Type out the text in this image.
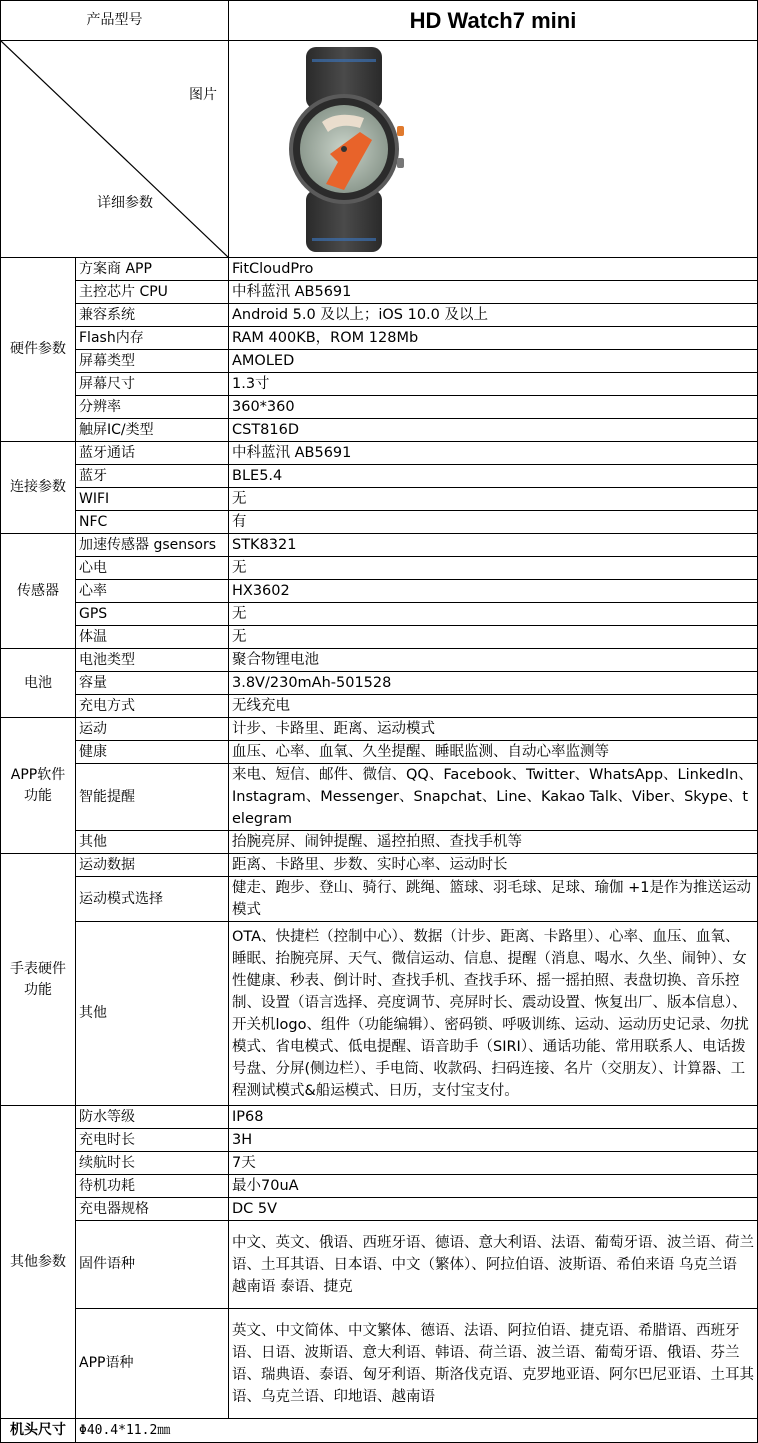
产品型号		HD Watch7 mini

图片
详细参数

硬件参数	方案商 APP	FitCloudPro
	主控芯片 CPU	中科蓝汛 AB5691
	兼容系统	Android 5.0 及以上；iOS 10.0 及以上
	Flash内存	RAM 400KB，ROM 128Mb
	屏幕类型	AMOLED
	屏幕尺寸	1.3寸
	分辨率	360*360
	触屏IC/类型	CST816D
连接参数	蓝牙通话	中科蓝汛 AB5691
	蓝牙	BLE5.4
	WIFI	无
	NFC	有
传感器	加速传感器 gsensors	STK8321
	心电	无
	心率	HX3602
	GPS	无
	体温	无
电池	电池类型	聚合物锂电池
	容量	3.8V/230mAh-501528
	充电方式	无线充电
APP软件功能	运动	计步、卡路里、距离、运动模式
	健康	血压、心率、血氧、久坐提醒、睡眠监测、自动心率监测等
	智能提醒	来电、短信、邮件、微信、QQ、Facebook、Twitter、WhatsApp、LinkedIn、Instagram、Messenger、Snapchat、Line、Kakao Talk、Viber、Skype、telegram
	其他	抬腕亮屏、闹钟提醒、遥控拍照、查找手机等
手表硬件功能	运动数据	距离、卡路里、步数、实时心率、运动时长
	运动模式选择	健走、跑步、登山、骑行、跳绳、篮球、羽毛球、足球、瑜伽 +1是作为推送运动模式
	其他	OTA、快捷栏（控制中心）、数据（计步、距离、卡路里）、心率、血压、血氧、睡眠、抬腕亮屏、天气、微信运动、信息、提醒（消息、喝水、久坐、闹钟）、女性健康、秒表、倒计时、查找手机、查找手环、摇一摇拍照、表盘切换、音乐控制、设置（语言选择、亮度调节、亮屏时长、震动设置、恢复出厂、版本信息）、开关机logo、组件（功能编辑）、密码锁、呼吸训练、运动、运动历史记录、勿扰模式、省电模式、低电提醒、语音助手（SIRI）、通话功能、常用联系人、电话拨号盘、分屏(侧边栏）、手电筒、收款码、扫码连接、名片（交朋友）、计算器、工程测试模式&船运模式、日历，支付宝支付。
其他参数	防水等级	IP68
	充电时长	3H
	续航时长	7天
	待机功耗	最小70uA
	充电器规格	DC 5V
	固件语种	中文、英文、俄语、西班牙语、德语、意大利语、法语、葡萄牙语、波兰语、荷兰语、土耳其语、日本语、中文（繁体）、阿拉伯语、波斯语、希伯来语 乌克兰语 越南语 泰语、捷克
	APP语种	英文、中文简体、中文繁体、德语、法语、阿拉伯语、捷克语、希腊语、西班牙语、日语、波斯语、意大利语、韩语、荷兰语、波兰语、葡萄牙语、俄语、芬兰语、瑞典语、泰语、匈牙利语、斯洛伐克语、克罗地亚语、阿尔巴尼亚语、土耳其语、乌克兰语、印地语、越南语
机头尺寸	Φ40.4*11.2㎜	
